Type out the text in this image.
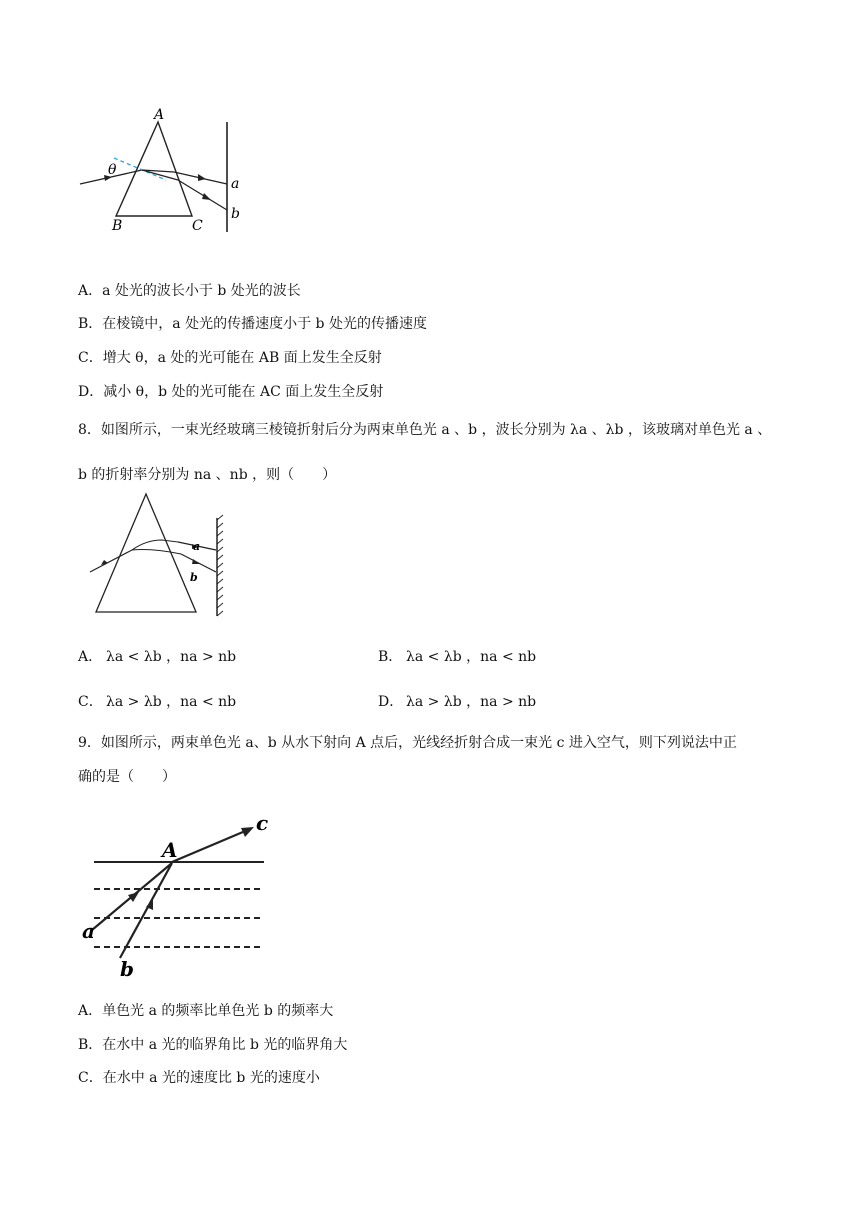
A
B	C
θ
a
b
A．a 处光的波长小于 b 处光的波长
B．在棱镜中，a 处光的传播速度小于 b 处光的传播速度
C．增大 θ，a 处的光可能在 AB 面上发生全反射
D．减小 θ，b 处的光可能在 AC 面上发生全反射
8．如图所示，一束光经玻璃三棱镜折射后分为两束单色光 a 、b ，波长分别为 λa 、λb ，该玻璃对单色光 a 、
b 的折射率分别为 na 、nb ，则（　　）
a
b
A． λa < λb ，na > nb	B． λa < λb ，na < nb
C． λa > λb ，na < nb	D． λa > λb ，na > nb
9．如图所示，两束单色光 a、b 从水下射向 A 点后，光线经折射合成一束光 c 进入空气，则下列说法中正
确的是（　　）
A
a
b
c
A．单色光 a 的频率比单色光 b 的频率大
B．在水中 a 光的临界角比 b 光的临界角大
C．在水中 a 光的速度比 b 光的速度小
